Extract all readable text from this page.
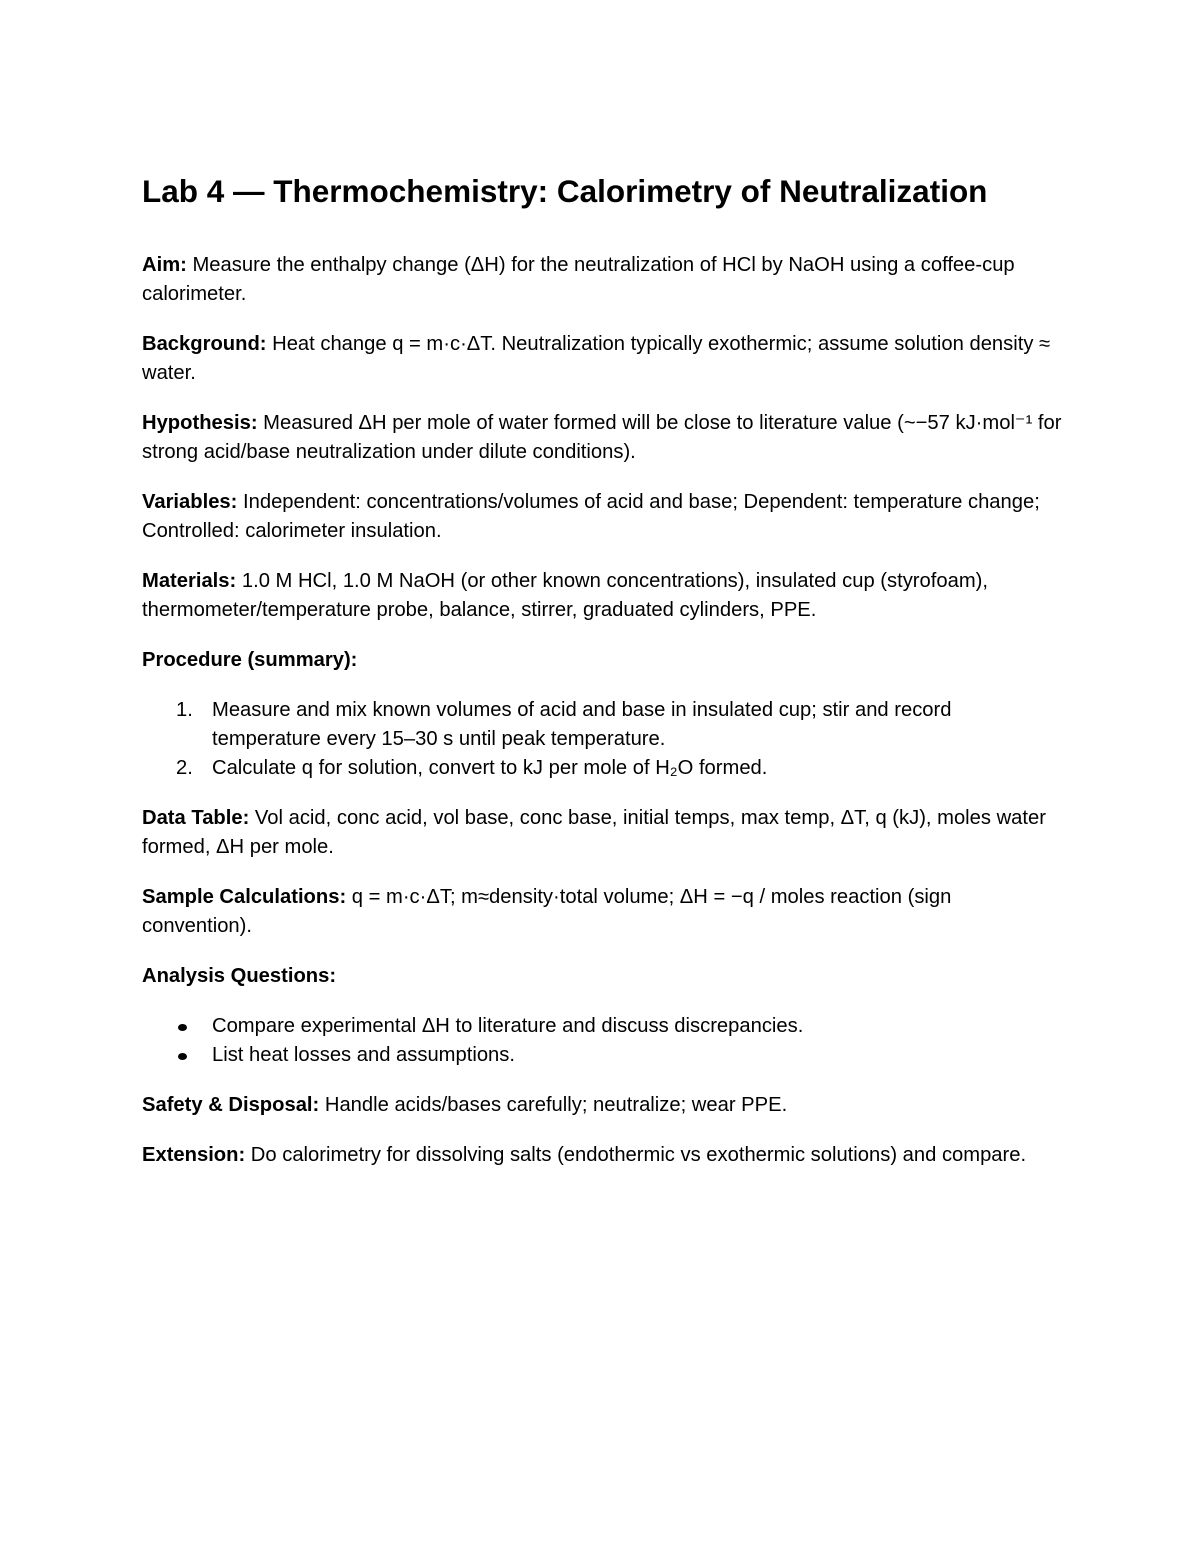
Lab 4 — Thermochemistry: Calorimetry of Neutralization

Aim: Measure the enthalpy change (ΔH) for the neutralization of HCl by NaOH using a coffee-cup calorimeter.

Background: Heat change q = m·c·ΔT. Neutralization typically exothermic; assume solution density ≈ water.

Hypothesis: Measured ΔH per mole of water formed will be close to literature value (~−57 kJ·mol⁻¹ for strong acid/base neutralization under dilute conditions).

Variables: Independent: concentrations/volumes of acid and base; Dependent: temperature change; Controlled: calorimeter insulation.

Materials: 1.0 M HCl, 1.0 M NaOH (or other known concentrations), insulated cup (styrofoam), thermometer/temperature probe, balance, stirrer, graduated cylinders, PPE.

Procedure (summary):

1. Measure and mix known volumes of acid and base in insulated cup; stir and record temperature every 15–30 s until peak temperature.
2. Calculate q for solution, convert to kJ per mole of H₂O formed.

Data Table: Vol acid, conc acid, vol base, conc base, initial temps, max temp, ΔT, q (kJ), moles water formed, ΔH per mole.

Sample Calculations: q = m·c·ΔT; m≈density·total volume; ΔH = −q / moles reaction (sign convention).

Analysis Questions:

Compare experimental ΔH to literature and discuss discrepancies.
List heat losses and assumptions.

Safety & Disposal: Handle acids/bases carefully; neutralize; wear PPE.

Extension: Do calorimetry for dissolving salts (endothermic vs exothermic solutions) and compare.
